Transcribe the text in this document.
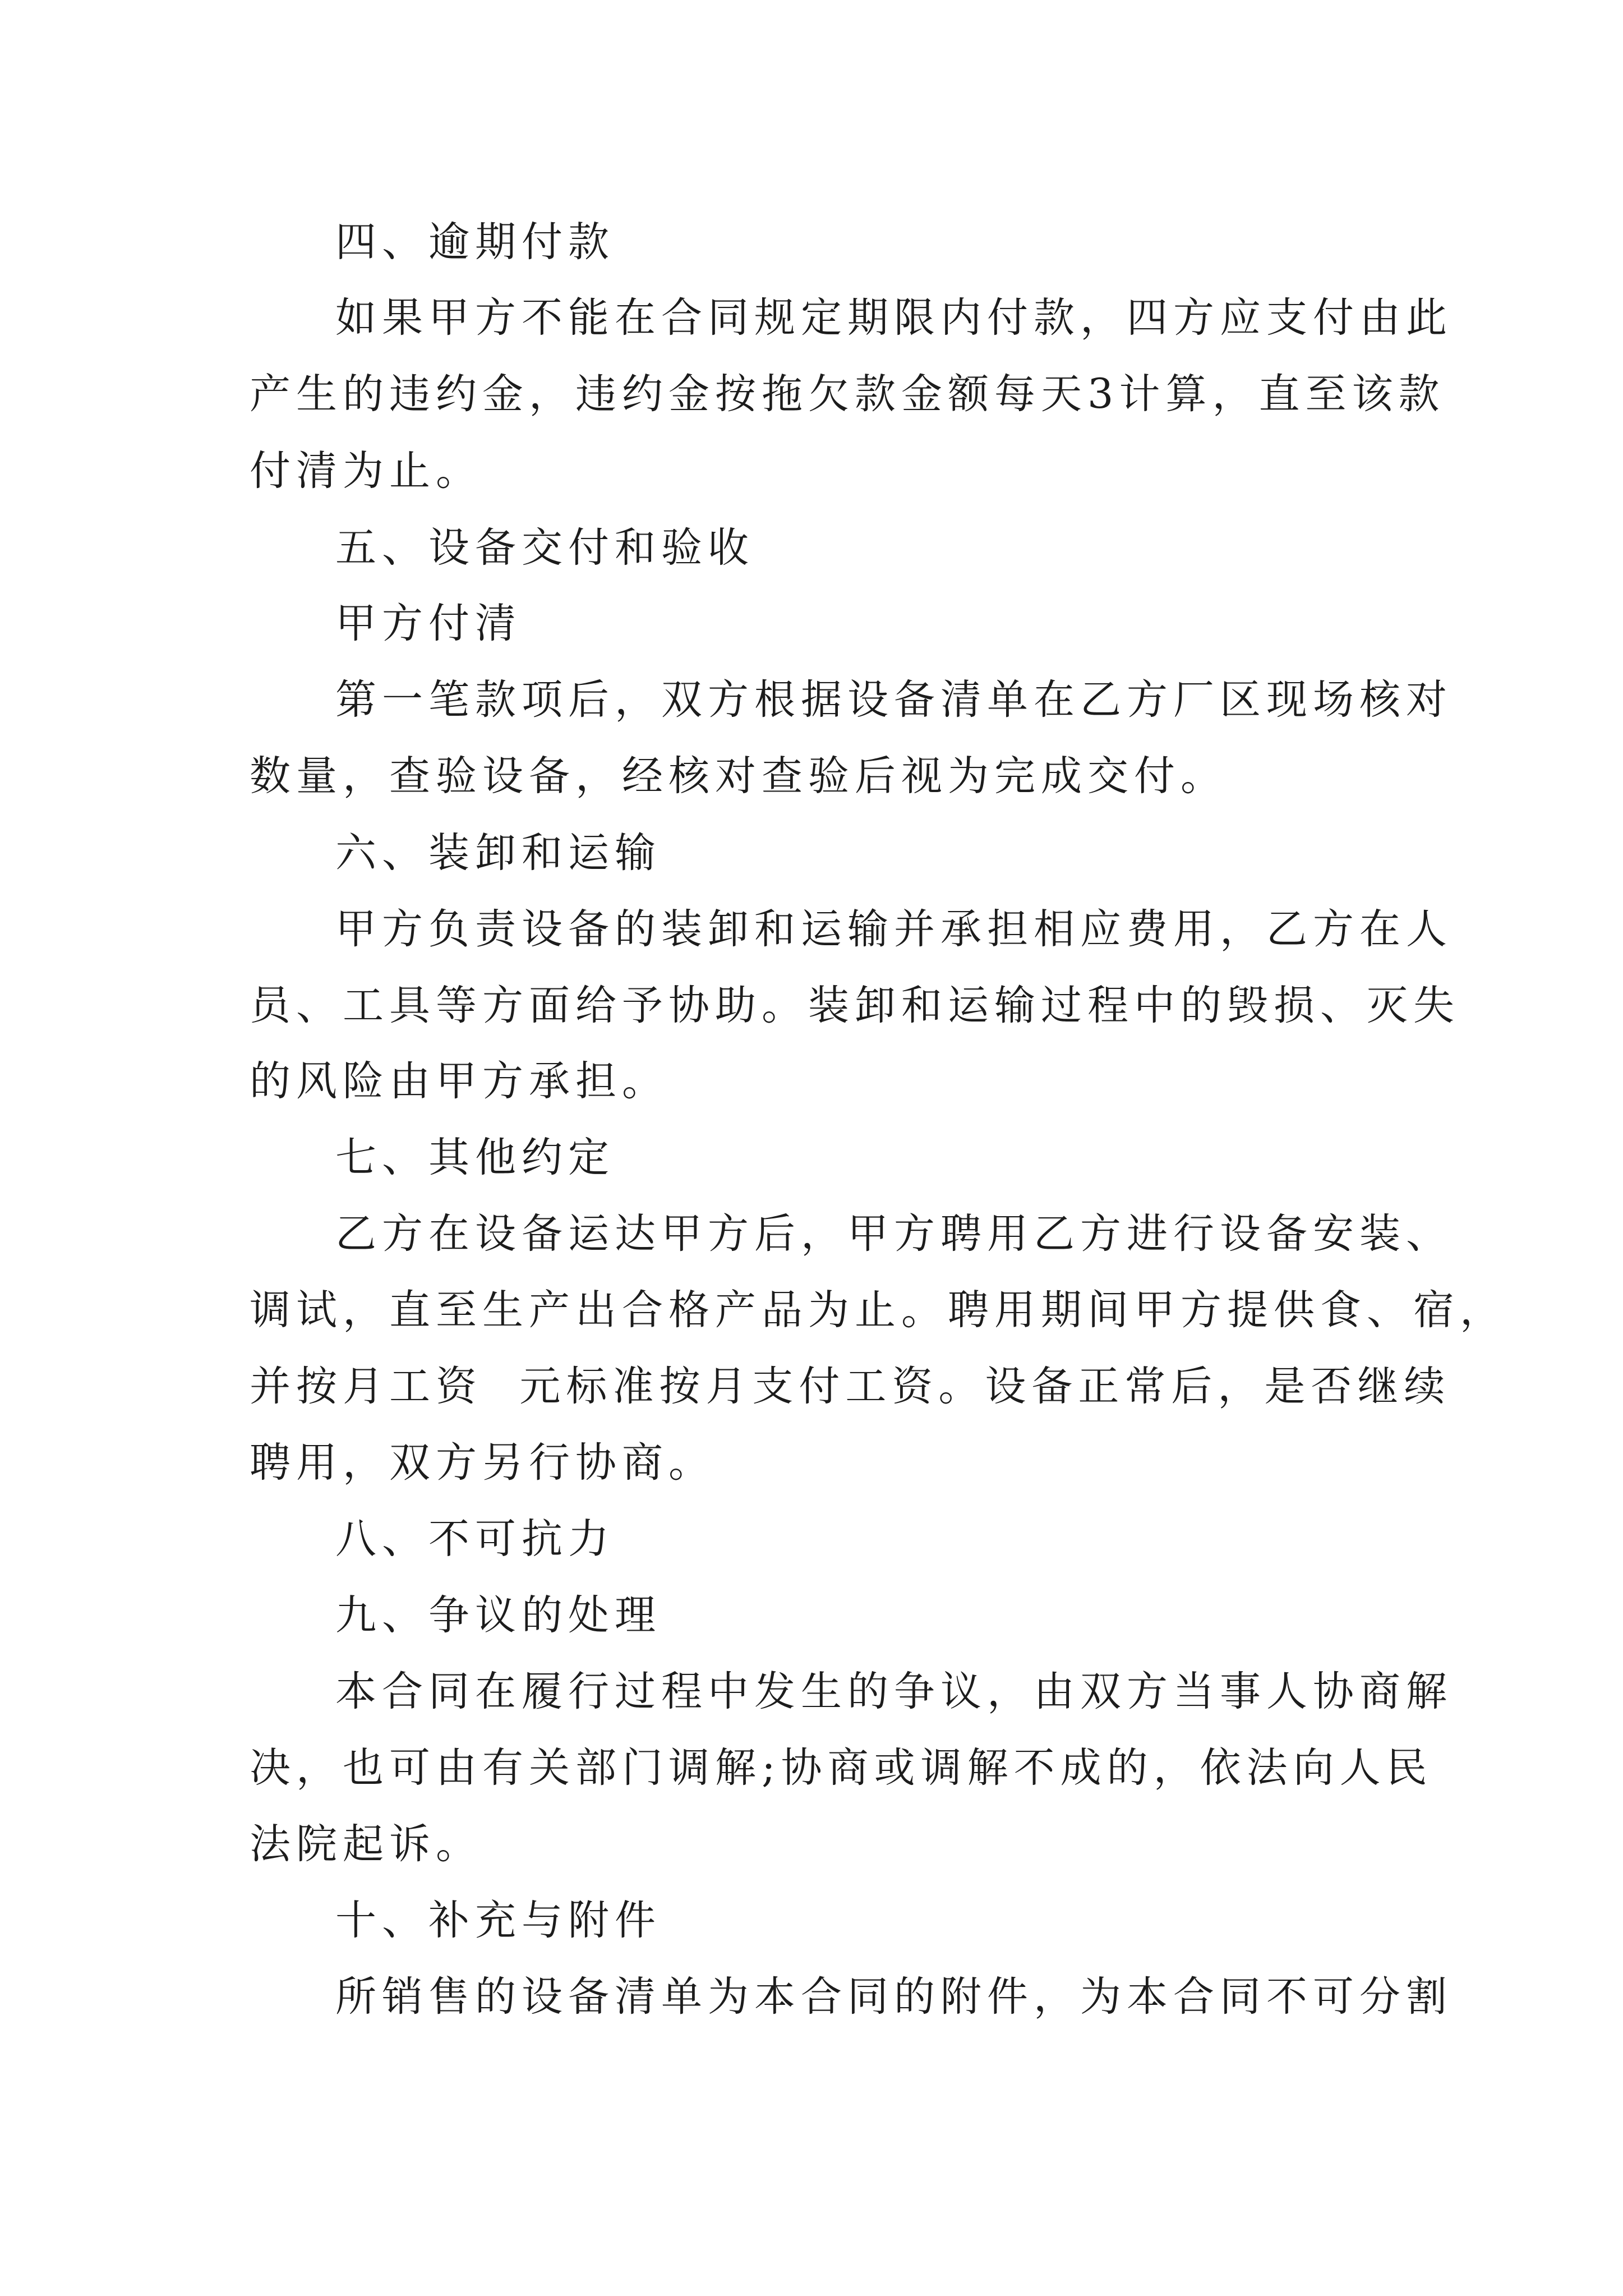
四、逾期付款
如果甲方不能在合同规定期限内付款，四方应支付由此
产生的违约金，违约金按拖欠款金额每天3计算，直至该款
付清为止。
五、设备交付和验收
甲方付清
第一笔款项后，双方根据设备清单在乙方厂区现场核对
数量，查验设备，经核对查验后视为完成交付。
六、装卸和运输
甲方负责设备的装卸和运输并承担相应费用，乙方在人
员、工具等方面给予协助。装卸和运输过程中的毁损、灭失
的风险由甲方承担。
七、其他约定
乙方在设备运达甲方后，甲方聘用乙方进行设备安装、
调试，直至生产出合格产品为止。聘用期间甲方提供食、宿，
并按月工资  元标准按月支付工资。设备正常后，是否继续
聘用，双方另行协商。
八、不可抗力
九、争议的处理
本合同在履行过程中发生的争议，由双方当事人协商解
决，也可由有关部门调解;协商或调解不成的，依法向人民
法院起诉。
十、补充与附件
所销售的设备清单为本合同的附件，为本合同不可分割
